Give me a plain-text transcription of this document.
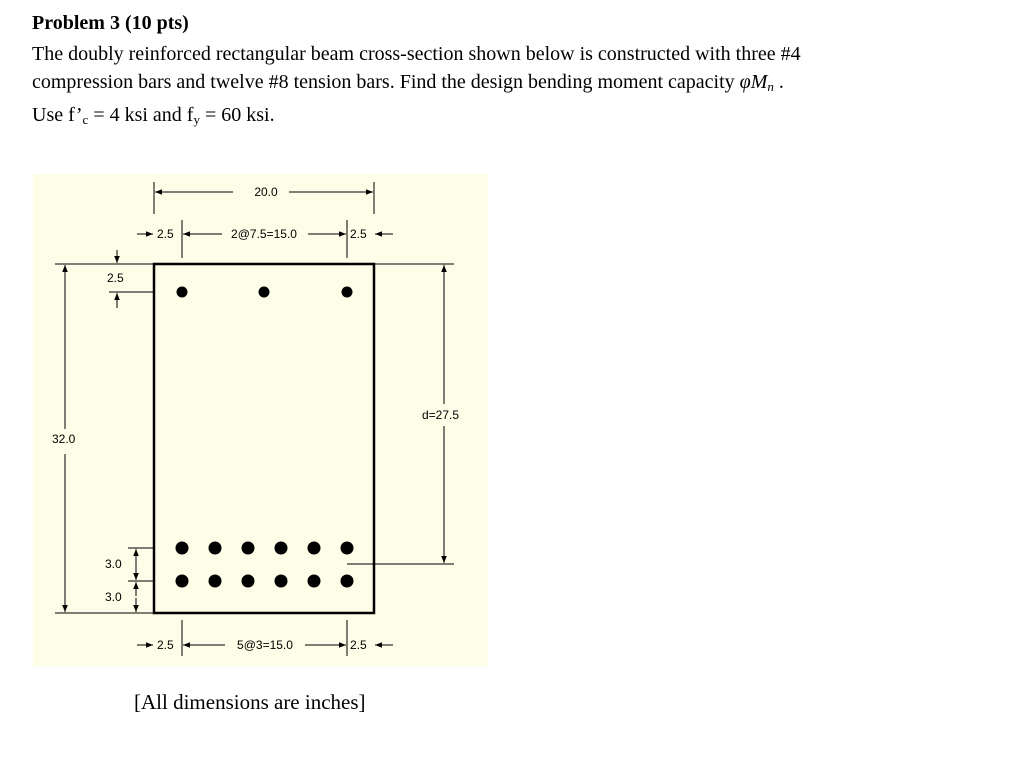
Problem 3 (10 pts)
The doubly reinforced rectangular beam cross-section shown below is constructed with three #4
compression bars and twelve #8 tension bars. Find the design bending moment capacity $\varphi M_n$ .
Use $f’_c = 4$ ksi and $f_y = 60$ ksi.
20.0
2.5	2@7.5=15.0	2.5
2.5
32.0
d=27.5
3.0
3.0
2.5	5@3=15.0	2.5
[All dimensions are inches]
